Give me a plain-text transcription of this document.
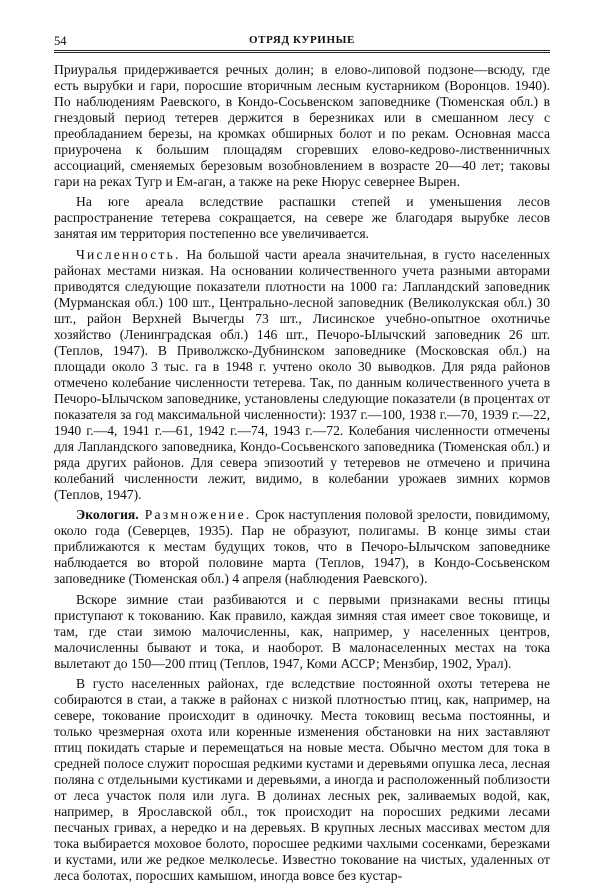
54	ОТРЯД КУРИНЫЕ

Приуралья придерживается речных долин; в елово-липовой подзоне—всюду, где есть вырубки и гари, поросшие вторичным лесным кустарником (Воронцов. 1940). По наблюдениям Раевского, в Кондо-Сосьвенском заповеднике (Тюменская обл.) в гнездовый период тетерев держится в березниках или в смешанном лесу с преобладанием березы, на кромках обширных болот и по рекам. Основная масса приурочена к большим площадям сгоревших елово-кедрово-лиственничных ассоциаций, сменяемых березовым возобновлением в возрасте 20—40 лет; таковы гари на реках Тугр и Ем-аган, а также на реке Нюрус севернее Вырен.

На юге ареала вследствие распашки степей и уменьшения лесов распространение тетерева сокращается, на севере же благодаря вырубке лесов занятая им территория постепенно все увеличивается.

Численность. На большой части ареала значительная, в густо населенных районах местами низкая. На основании количественного учета разными авторами приводятся следующие показатели плотности на 1000 га: Лапландский заповедник (Мурманская обл.) 100 шт., Центрально-лесной заповедник (Великолукская обл.) 30 шт., район Верхней Вычегды 73 шт., Лисинское учебно-опытное охотничье хозяйство (Ленинградская обл.) 146 шт., Печоро-Ылычский заповедник 26 шт. (Теплов, 1947). В Приволжско-Дубнинском заповеднике (Московская обл.) на площади около 3 тыс. га в 1948 г. учтено около 30 выводков. Для ряда районов отмечено колебание численности тетерева. Так, по данным количественного учета в Печоро-Ылычском заповеднике, установлены следующие показатели (в процентах от показателя за год максимальной численности): 1937 г.—100, 1938 г.—70, 1939 г.—22, 1940 г.—4, 1941 г.—61, 1942 г.—74, 1943 г.—72. Колебания численности отмечены для Лапландского заповедника, Кондо-Сосьвенского заповедника (Тюменская обл.) и ряда других районов. Для севера эпизоотий у тетеревов не отмечено и причина колебаний численности лежит, видимо, в колебании урожаев зимних кормов (Теплов, 1947).

Экология. Размножение. Срок наступления половой зрелости, повидимому, около года (Северцев, 1935). Пар не образуют, полигамы. В конце зимы стаи приближаются к местам будущих токов, что в Печоро-Ылычском заповеднике наблюдается во второй половине марта (Теплов, 1947), в Кондо-Сосьвенском заповеднике (Тюменская обл.) 4 апреля (наблюдения Раевского).

Вскоре зимние стаи разбиваются и с первыми признаками весны птицы приступают к токованию. Как правило, каждая зимняя стая имеет свое токовище, и там, где стаи зимою малочисленны, как, например, у населенных центров, малочисленны бывают и тока, и наоборот. В малонаселенных местах на тока вылетают до 150—200 птиц (Теплов, 1947, Коми АССР; Мензбир, 1902, Урал).

В густо населенных районах, где вследствие постоянной охоты тетерева не собираются в стаи, а также в районах с низкой плотностью птиц, как, например, на севере, токование происходит в одиночку. Места токовищ весьма постоянны, и только чрезмерная охота или коренные изменения обстановки на них заставляют птиц покидать старые и перемещаться на новые места. Обычно местом для тока в средней полосе служит поросшая редкими кустами и деревьями опушка леса, лесная поляна с отдельными кустиками и деревьями, а иногда и расположенный поблизости от леса участок поля или луга. В долинах лесных рек, заливаемых водой, как, например, в Ярославской обл., ток происходит на поросших редкими лесами песчаных гривах, а нередко и на деревьях. В крупных лесных массивах местом для тока выбирается моховое болото, поросшее редкими чахлыми сосенками, березками и кустами, или же редкое мелколесье. Известно токование на чистых, удаленных от леса болотах, поросших камышом, иногда вовсе без кустар-
